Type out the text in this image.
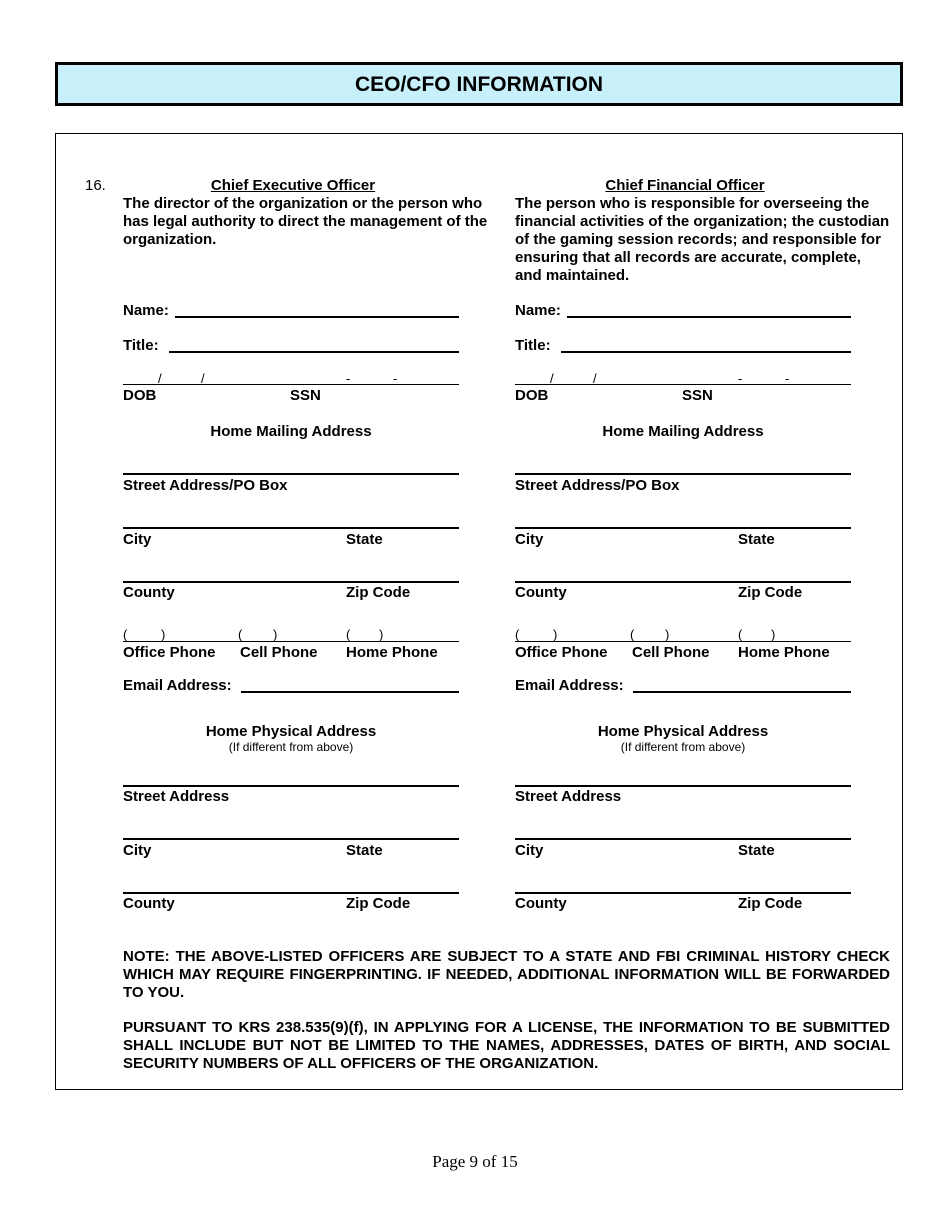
CEO/CFO INFORMATION
16.	Chief Executive Officer
The director of the organization or the person who has legal authority to direct the management of the organization.
Name:
Title:
/	/	-	-
DOB	SSN
Home Mailing Address
Street Address/PO Box
City	State
County	Zip Code
(	)	( )	( )
Office Phone Cell Phone Home Phone
Email Address:
Home Physical Address
(If different from above)
Street Address
City	State
County	Zip Code
Chief Financial Officer
The person who is responsible for overseeing the financial activities of the organization; the custodian of the gaming session records; and responsible for ensuring that all records are accurate, complete, and maintained.
Name:
Title:
/	/	-	-
DOB	SSN
Home Mailing Address
Street Address/PO Box
City	State
County	Zip Code
(	)	( )	( )
Office Phone Cell Phone Home Phone
Email Address:
Home Physical Address
(If different from above)
Street Address
City	State
County	Zip Code
NOTE: THE ABOVE-LISTED OFFICERS ARE SUBJECT TO A STATE AND FBI CRIMINAL HISTORY CHECK WHICH MAY REQUIRE FINGERPRINTING. IF NEEDED, ADDITIONAL INFORMATION WILL BE FORWARDED TO YOU.
PURSUANT TO KRS 238.535(9)(f), IN APPLYING FOR A LICENSE, THE INFORMATION TO BE SUBMITTED SHALL INCLUDE BUT NOT BE LIMITED TO THE NAMES, ADDRESSES, DATES OF BIRTH, AND SOCIAL SECURITY NUMBERS OF ALL OFFICERS OF THE ORGANIZATION.
Page 9 of 15
